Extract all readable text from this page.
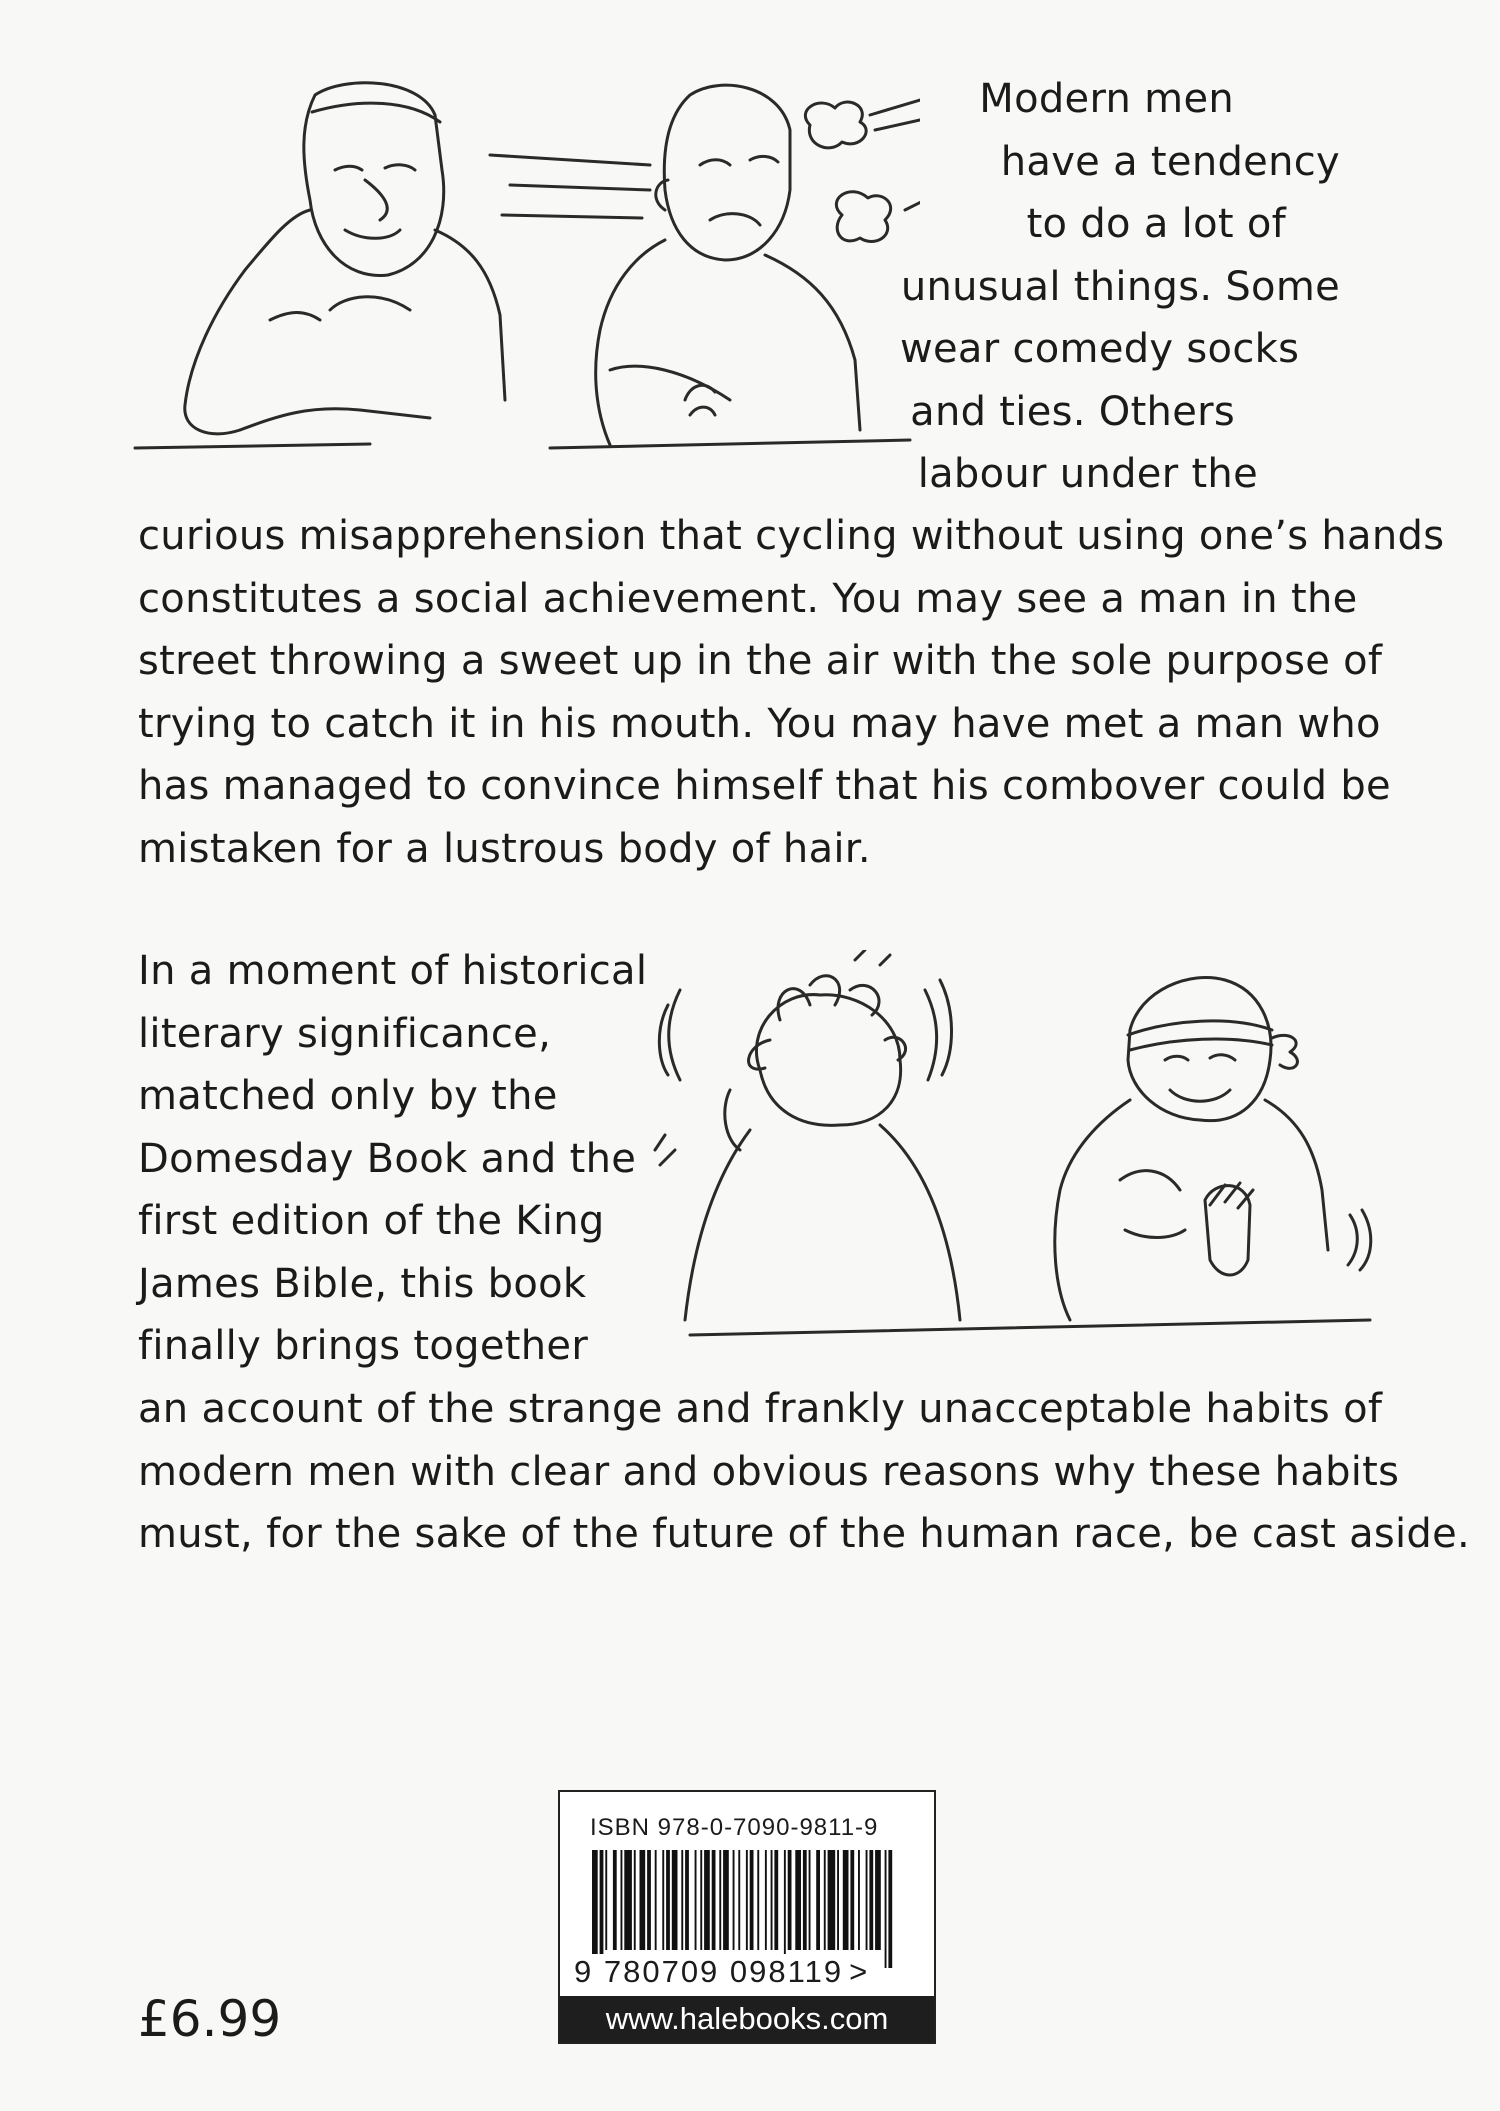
Modern men
have a tendency
to do a lot of
unusual things. Some
wear comedy socks
and ties. Others
labour under the
curious misapprehension that cycling without using one’s hands
constitutes a social achievement. You may see a man in the
street throwing a sweet up in the air with the sole purpose of
trying to catch it in his mouth. You may have met a man who
has managed to convince himself that his combover could be
mistaken for a lustrous body of hair.
In a moment of historical
literary significance,
matched only by the
Domesday Book and the
first edition of the King
James Bible, this book
finally brings together
an account of the strange and frankly unacceptable habits of
modern men with clear and obvious reasons why these habits
must, for the sake of the future of the human race, be cast aside.
£6.99
ISBN 978-0-7090-9811-9
9 780709 098119 >
www.halebooks.com
